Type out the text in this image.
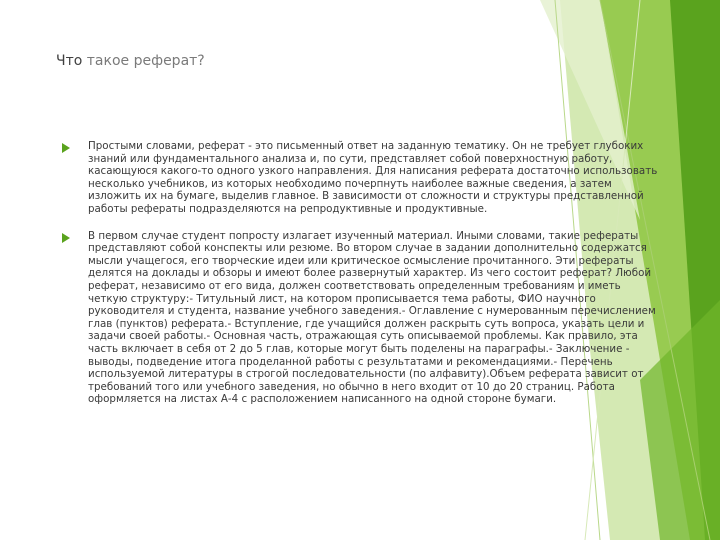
Что такое реферат?
Простыми словами, реферат - это письменный ответ на заданную тематику. Он не требует глубоких знаний или фундаментального анализа и, по сути, представляет собой поверхностную работу, касающуюся какого-то одного узкого направления. Для написания реферата достаточно использовать несколько учебников, из которых необходимо почерпнуть наиболее важные сведения, а затем изложить их на бумаге, выделив главное. В зависимости от сложности и структуры представленной работы рефераты подразделяются на репродуктивные и продуктивные.
В первом случае студент попросту излагает изученный материал. Иными словами, такие рефераты представляют собой конспекты или резюме. Во втором случае в задании дополнительно содержатся мысли учащегося, его творческие идеи или критическое осмысление прочитанного. Эти рефераты делятся на доклады и обзоры и имеют более развернутый характер. Из чего состоит реферат? Любой реферат, независимо от его вида, должен соответствовать определенным требованиям и иметь четкую структуру:- Титульный лист, на котором прописывается тема работы, ФИО научного руководителя и студента, название учебного заведения.- Оглавление с нумерованным перечислением глав (пунктов) реферата.- Вступление, где учащийся должен раскрыть суть вопроса, указать цели и задачи своей работы.- Основная часть, отражающая суть описываемой проблемы. Как правило, эта часть включает в себя от 2 до 5 глав, которые могут быть поделены на параграфы.- Заключение - выводы, подведение итога проделанной работы с результатами и рекомендациями.- Перечень используемой литературы в строгой последовательности (по алфавиту).Объем реферата зависит от требований того или учебного заведения, но обычно в него входит от 10 до 20 страниц. Работа оформляется на листах А-4 с расположением написанного на одной стороне бумаги.
